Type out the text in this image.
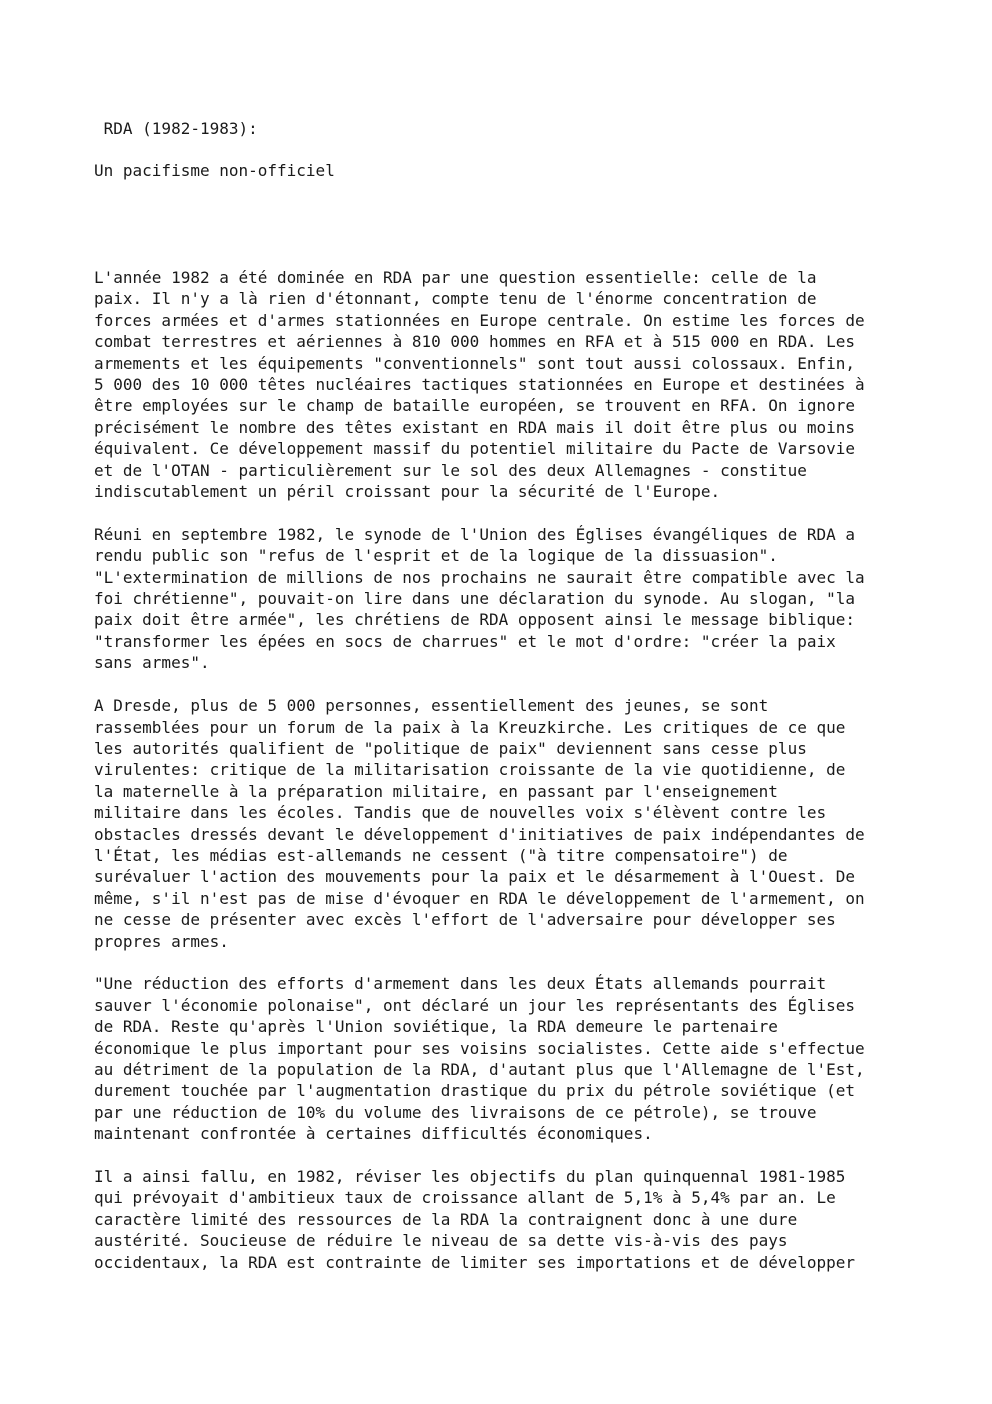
RDA (1982-1983):

Un pacifisme non-officiel

L'année 1982 a été dominée en RDA par une question essentielle: celle de la
paix. Il n'y a là rien d'étonnant, compte tenu de l'énorme concentration de
forces armées et d'armes stationnées en Europe centrale. On estime les forces de
combat terrestres et aériennes à 810 000 hommes en RFA et à 515 000 en RDA. Les
armements et les équipements "conventionnels" sont tout aussi colossaux. Enfin,
5 000 des 10 000 têtes nucléaires tactiques stationnées en Europe et destinées à
être employées sur le champ de bataille européen, se trouvent en RFA. On ignore
précisément le nombre des têtes existant en RDA mais il doit être plus ou moins
équivalent. Ce développement massif du potentiel militaire du Pacte de Varsovie
et de l'OTAN - particulièrement sur le sol des deux Allemagnes - constitue
indiscutablement un péril croissant pour la sécurité de l'Europe.

Réuni en septembre 1982, le synode de l'Union des Églises évangéliques de RDA a
rendu public son "refus de l'esprit et de la logique de la dissuasion".
"L'extermination de millions de nos prochains ne saurait être compatible avec la
foi chrétienne", pouvait-on lire dans une déclaration du synode. Au slogan, "la
paix doit être armée", les chrétiens de RDA opposent ainsi le message biblique:
"transformer les épées en socs de charrues" et le mot d'ordre: "créer la paix
sans armes".

A Dresde, plus de 5 000 personnes, essentiellement des jeunes, se sont
rassemblées pour un forum de la paix à la Kreuzkirche. Les critiques de ce que
les autorités qualifient de "politique de paix" deviennent sans cesse plus
virulentes: critique de la militarisation croissante de la vie quotidienne, de
la maternelle à la préparation militaire, en passant par l'enseignement
militaire dans les écoles. Tandis que de nouvelles voix s'élèvent contre les
obstacles dressés devant le développement d'initiatives de paix indépendantes de
l'État, les médias est-allemands ne cessent ("à titre compensatoire") de
surévaluer l'action des mouvements pour la paix et le désarmement à l'Ouest. De
même, s'il n'est pas de mise d'évoquer en RDA le développement de l'armement, on
ne cesse de présenter avec excès l'effort de l'adversaire pour développer ses
propres armes.

"Une réduction des efforts d'armement dans les deux États allemands pourrait
sauver l'économie polonaise", ont déclaré un jour les représentants des Églises
de RDA. Reste qu'après l'Union soviétique, la RDA demeure le partenaire
économique le plus important pour ses voisins socialistes. Cette aide s'effectue
au détriment de la population de la RDA, d'autant plus que l'Allemagne de l'Est,
durement touchée par l'augmentation drastique du prix du pétrole soviétique (et
par une réduction de 10% du volume des livraisons de ce pétrole), se trouve
maintenant confrontée à certaines difficultés économiques.

Il a ainsi fallu, en 1982, réviser les objectifs du plan quinquennal 1981-1985
qui prévoyait d'ambitieux taux de croissance allant de 5,1% à 5,4% par an. Le
caractère limité des ressources de la RDA la contraignent donc à une dure
austérité. Soucieuse de réduire le niveau de sa dette vis-à-vis des pays
occidentaux, la RDA est contrainte de limiter ses importations et de développer
